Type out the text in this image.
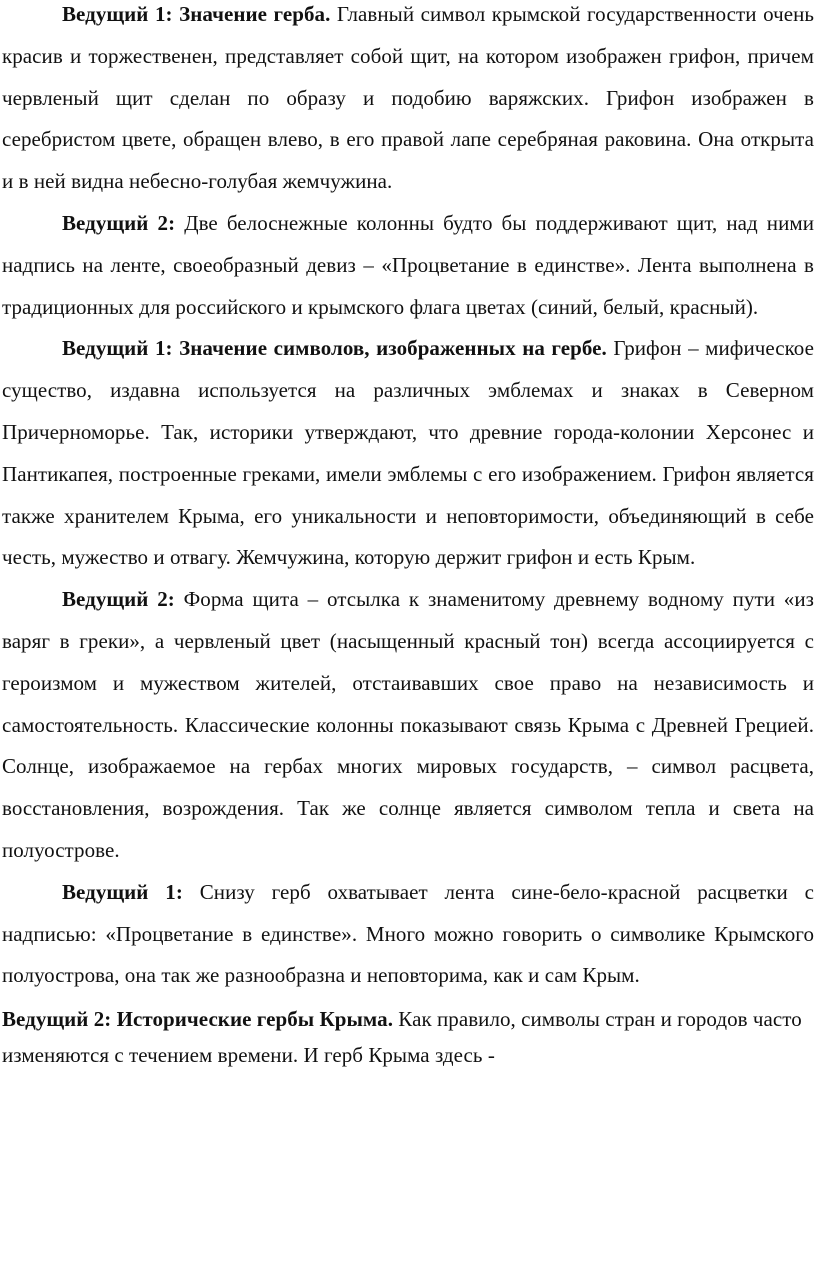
Ведущий 1: Значение герба. Главный символ крымской государственности очень красив и торжественен, представляет собой щит, на котором изображен грифон, причем червленый щит сделан по образу и подобию варяжских. Грифон изображен в серебристом цвете, обращен влево, в его правой лапе серебряная раковина. Она открыта и в ней видна небесно-голубая жемчужина.

Ведущий 2: Две белоснежные колонны будто бы поддерживают щит, над ними надпись на ленте, своеобразный девиз – «Процветание в единстве». Лента выполнена в традиционных для российского и крымского флага цветах (синий, белый, красный).

Ведущий 1: Значение символов, изображенных на гербе. Грифон – мифическое существо, издавна используется на различных эмблемах и знаках в Северном Причерноморье. Так, историки утверждают, что древние города-колонии Херсонес и Пантикапея, построенные греками, имели эмблемы с его изображением. Грифон является также хранителем Крыма, его уникальности и неповторимости, объединяющий в себе честь, мужество и отвагу. Жемчужина, которую держит грифон и есть Крым.

Ведущий 2: Форма щита – отсылка к знаменитому древнему водному пути «из варяг в греки», а червленый цвет (насыщенный красный тон) всегда ассоциируется с героизмом и мужеством жителей, отстаивавших свое право на независимость и самостоятельность. Классические колонны показывают связь Крыма с Древней Грецией. Солнце, изображаемое на гербах многих мировых государств, – символ расцвета, восстановления, возрождения. Так же солнце является символом тепла и света на полуострове.

Ведущий 1: Снизу герб охватывает лента сине-бело-красной расцветки с надписью: «Процветание в единстве». Много можно говорить о символике Крымского полуострова, она так же разнообразна и неповторима, как и сам Крым.

Ведущий 2: Исторические гербы Крыма. Как правило, символы стран и городов часто изменяются с течением времени. И герб Крыма здесь -
